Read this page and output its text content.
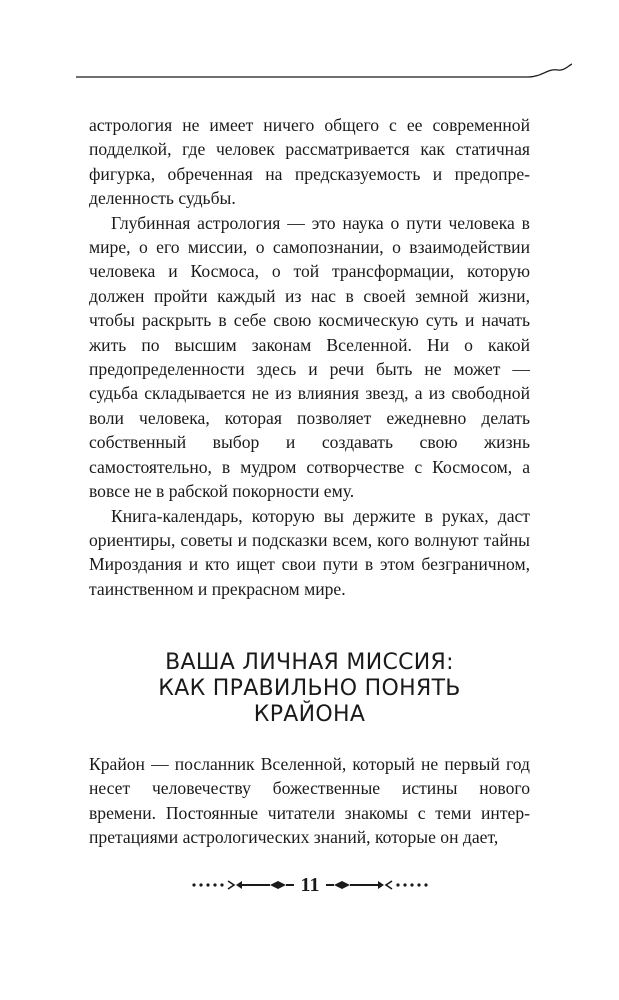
астрология не имеет ничего общего с ее современной подделкой, где человек рассматривается как статичная фигурка, обреченная на предсказуемость и предопределенность судьбы.

Глубинная астрология — это наука о пути человека в мире, о его миссии, о самопознании, о взаимодействии человека и Космоса, о той трансформации, которую должен пройти каждый из нас в своей земной жизни, чтобы раскрыть в себе свою космическую суть и начать жить по высшим законам Вселенной. Ни о какой предопределенности здесь и речи быть не может — судьба складывается не из влияния звезд, а из свободной воли человека, которая позволяет ежедневно делать собственный выбор и создавать свою жизнь самостоятельно, в мудром сотворчестве с Космосом, а вовсе не в рабской покорности ему.

Книга-календарь, которую вы держите в руках, даст ориентиры, советы и подсказки всем, кого волнуют тайны Мироздания и кто ищет свои пути в этом безграничном, таинственном и прекрасном мире.

ВАША ЛИЧНАЯ МИССИЯ:
КАК ПРАВИЛЬНО ПОНЯТЬ
КРАЙОНА

Крайон — посланник Вселенной, который не первый год несет человечеству божественные истины нового времени. Постоянные читатели знакомы с теми интерпретациями астрологических знаний, которые он дает,

11
